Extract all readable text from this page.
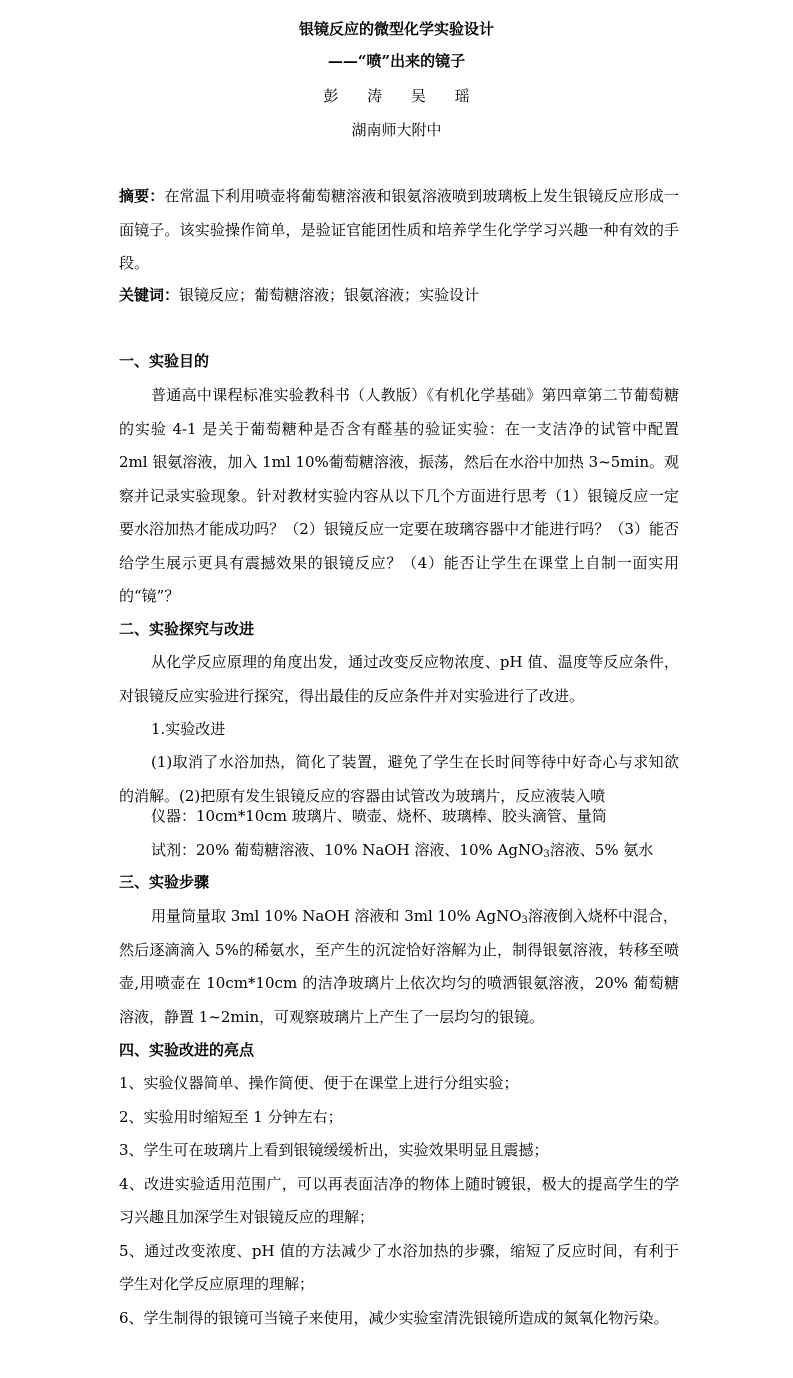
银镜反应的微型化学实验设计
——“喷”出来的镜子
彭 涛 吴 瑶
湖南师大附中

摘要：在常温下利用喷壶将葡萄糖溶液和银氨溶液喷到玻璃板上发生银镜反应形成一面镜子。该实验操作简单，是验证官能团性质和培养学生化学学习兴趣一种有效的手段。

关键词：银镜反应；葡萄糖溶液；银氨溶液；实验设计

一、实验目的

普通高中课程标准实验教科书（人教版）《有机化学基础》第四章第二节葡萄糖的实验 4-1 是关于葡萄糖种是否含有醛基的验证实验：在一支洁净的试管中配置 2ml 银氨溶液，加入 1ml 10%葡萄糖溶液，振荡，然后在水浴中加热 3~5min。观察并记录实验现象。针对教材实验内容从以下几个方面进行思考（1）银镜反应一定要水浴加热才能成功吗？（2）银镜反应一定要在玻璃容器中才能进行吗？（3）能否给学生展示更具有震撼效果的银镜反应？（4）能否让学生在课堂上自制一面实用的“镜”？

二、实验探究与改进

从化学反应原理的角度出发，通过改变反应物浓度、pH 值、温度等反应条件，对银镜反应实验进行探究，得出最佳的反应条件并对实验进行了改进。

1.实验改进

(1)取消了水浴加热，简化了装置，避免了学生在长时间等待中好奇心与求知欲的消解。(2)把原有发生银镜反应的容器由试管改为玻璃片，反应液装入喷

仪器：10cm*10cm 玻璃片、喷壶、烧杯、玻璃棒、胶头滴管、量筒
试剂：20% 葡萄糖溶液、10% NaOH 溶液、10% AgNO$_3$溶液、5% 氨水
三、实验步骤

用量筒量取 3ml 10% NaOH 溶液和 3ml 10% AgNO$_3$溶液倒入烧杯中混合，

然后逐滴滴入 5%的稀氨水，至产生的沉淀恰好溶解为止，制得银氨溶液，转移至喷壶,用喷壶在 10cm*10cm 的洁净玻璃片上依次均匀的喷洒银氨溶液，20% 葡萄糖溶液，静置 1~2min，可观察玻璃片上产生了一层均匀的银镜。

四、实验改进的亮点

1、实验仪器简单、操作简便、便于在课堂上进行分组实验；

2、实验用时缩短至 1 分钟左右；

3、学生可在玻璃片上看到银镜缓缓析出，实验效果明显且震撼；

4、改进实验适用范围广，可以再表面洁净的物体上随时镀银，极大的提高学生的学习兴趣且加深学生对银镜反应的理解；

5、通过改变浓度、pH 值的方法减少了水浴加热的步骤，缩短了反应时间，有利于学生对化学反应原理的理解；

6、学生制得的银镜可当镜子来使用，减少实验室清洗银镜所造成的氮氧化物污染。
